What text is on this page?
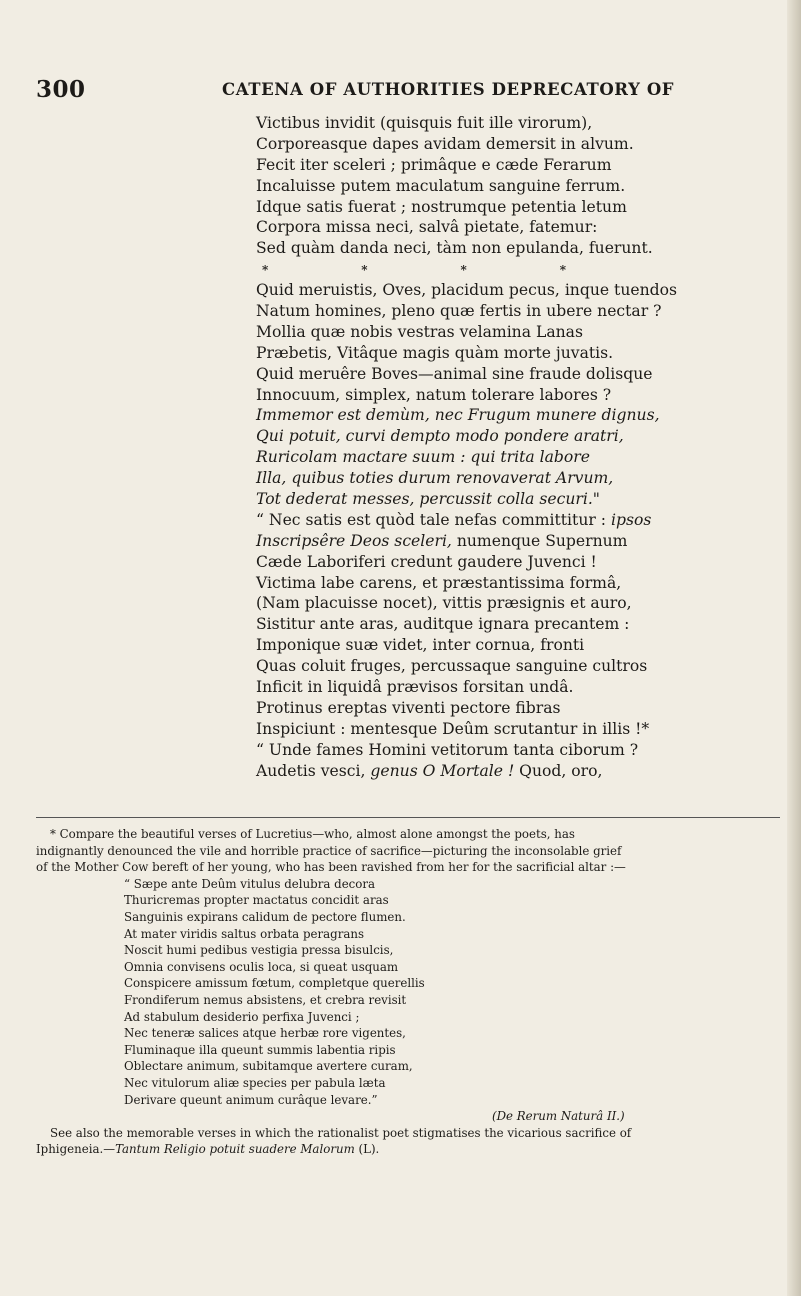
300	CATENA OF AUTHORITIES DEPRECATORY OF
Victibus invidit (quisquis fuit ille virorum),
Corporeasque dapes avidam demersit in alvum.
Fecit iter sceleri ; primâque e cæde Ferarum
Incaluisse putem maculatum sanguine ferrum.
Idque satis fuerat ; nostrumque petentia letum
Corpora missa neci, salvâ pietate, fatemur:
Sed quàm danda neci, tàm non epulanda, fuerunt.
*	*	*	*
Quid meruistis, Oves, placidum pecus, inque tuendos
Natum homines, pleno quæ fertis in ubere nectar ?
Mollia quæ nobis vestras velamina Lanas
Præbetis, Vitâque magis quàm morte juvatis.
Quid meruêre Boves—animal sine fraude dolisque
Innocuum, simplex, natum tolerare labores ?
Immemor est demùm, nec Frugum munere dignus,
Qui potuit, curvi dempto modo pondere aratri,
Ruricolam mactare suum : qui trita labore
Illa, quibus toties durum renovaverat Arvum,
Tot dederat messes, percussit colla securi."
“ Nec satis est quòd tale nefas committitur : ipsos
Inscripsêre Deos sceleri, numenque Supernum
Cæde Laboriferi credunt gaudere Juvenci !
Victima labe carens, et præstantissima formâ,
(Nam placuisse nocet), vittis præsignis et auro,
Sistitur ante aras, auditque ignara precantem :
Imponique suæ videt, inter cornua, fronti
Quas coluit fruges, percussaque sanguine cultros
Inficit in liquidâ prævisos forsitan undâ.
Protinus ereptas viventi pectore fibras
Inspiciunt : mentesque Deûm scrutantur in illis !*
“ Unde fames Homini vetitorum tanta ciborum ?
Audetis vesci, genus O Mortale ! Quod, oro,
* Compare the beautiful verses of Lucretius—who, almost alone amongst the poets, has
indignantly denounced the vile and horrible practice of sacrifice—picturing the inconsolable grief
of the Mother Cow bereft of her young, who has been ravished from her for the sacrificial altar :—
“ Sæpe ante Deûm vitulus delubra decora
Thuricremas propter mactatus concidit aras
Sanguinis expirans calidum de pectore flumen.
At mater viridis saltus orbata peragrans
Noscit humi pedibus vestigia pressa bisulcis,
Omnia convisens oculis loca, si queat usquam
Conspicere amissum fœtum, completque querellis
Frondiferum nemus absistens, et crebra revisit
Ad stabulum desiderio perfixa Juvenci ;
Nec teneræ salices atque herbæ rore vigentes,
Fluminaque illa queunt summis labentia ripis
Oblectare animum, subitamque avertere curam,
Nec vitulorum aliæ species per pabula læta
Derivare queunt animum curâque levare.”
(De Rerum Naturâ II.)
See also the memorable verses in which the rationalist poet stigmatises the vicarious sacrifice of
Iphigeneia.—Tantum Religio potuit suadere Malorum (L).
